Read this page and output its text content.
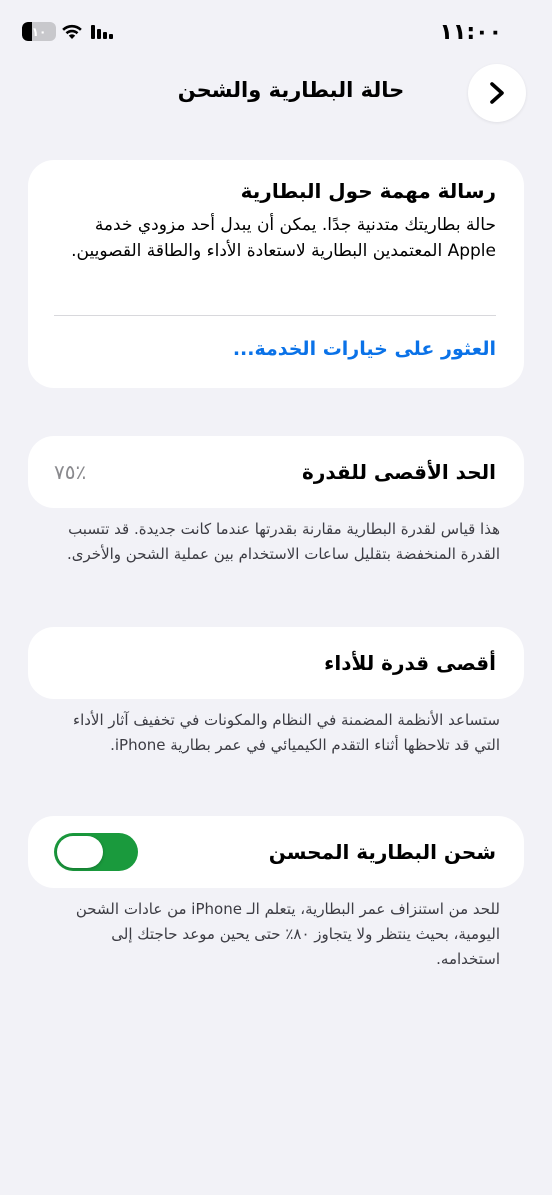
١٠	١١:٠٠
حالة البطارية والشحن
رسالة مهمة حول البطارية
حالة بطاريتك متدنية جدًا. يمكن أن يبدل أحد مزودي خدمة Apple المعتمدين البطارية لاستعادة الأداء والطاقة القصويين.
العثور على خيارات الخدمة...
الحد الأقصى للقدرة
٪٧٥
هذا قياس لقدرة البطارية مقارنة بقدرتها عندما كانت جديدة. قد تتسبب القدرة المنخفضة بتقليل ساعات الاستخدام بين عملية الشحن والأخرى.
أقصى قدرة للأداء
ستساعد الأنظمة المضمنة في النظام والمكونات في تخفيف آثار الأداء التي قد تلاحظها أثناء التقدم الكيميائي في عمر بطارية iPhone.
شحن البطارية المحسن
للحد من استنزاف عمر البطارية، يتعلم الـ iPhone من عادات الشحن اليومية، بحيث ينتظر ولا يتجاوز ٨٠٪ حتى يحين موعد حاجتك إلى استخدامه.
